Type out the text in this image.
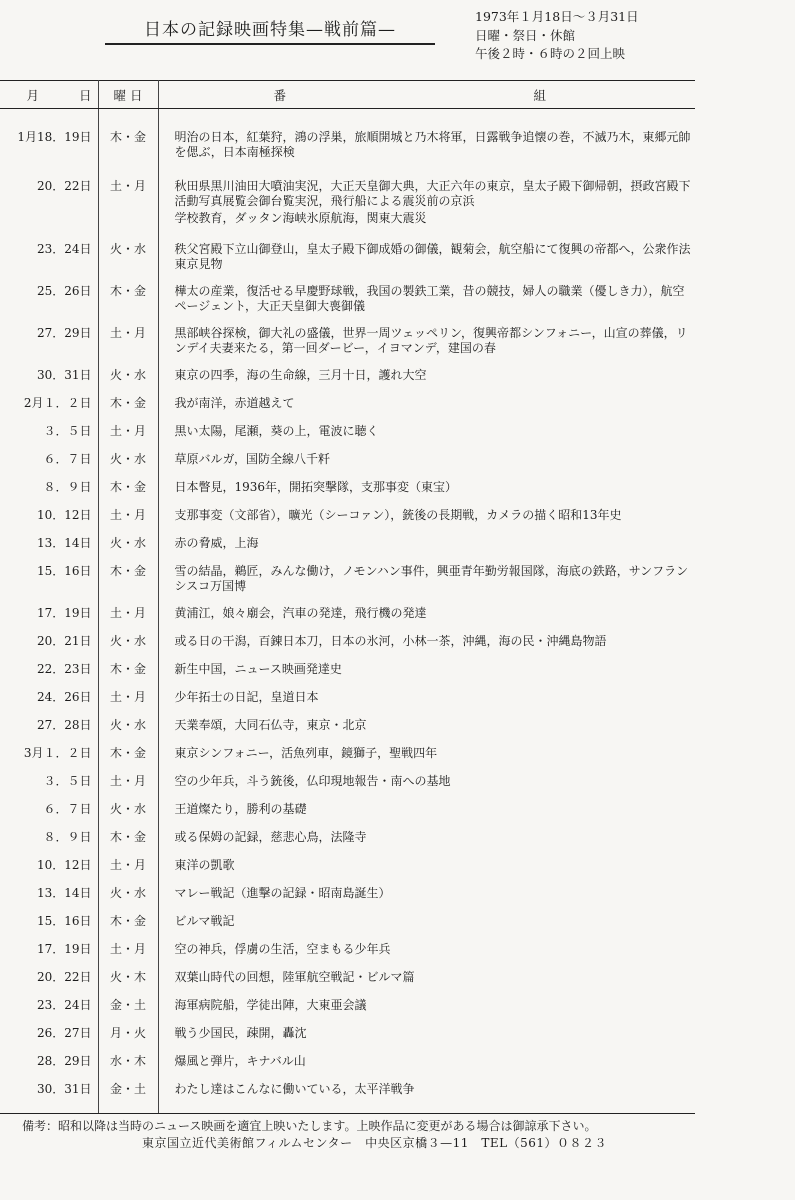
日本の記録映画特集—戦前篇—
1973年１月18日～３月31日
日曜・祭日・休館
午後２時・６時の２回上映
月 日	曜 日	番 組

1月18．19日	木・金	明治の日本，紅葉狩，鴻の浮巣，旅順開城と乃木将軍，日露戦争追懐の巻，不滅乃木，東郷元帥を偲ぶ，日本南極探検
20．22日	土・月	秋田県黒川油田大噴油実況，大正天皇御大典，大正六年の東京，皇太子殿下御帰朝，摂政宮殿下活動写真展覧会御台覧実況，飛行船による震災前の京浜
学校教育，ダッタン海峡氷原航海，関東大震災

23．24日	火・水	秩父宮殿下立山御登山，皇太子殿下御成婚の御儀，観菊会，航空船にて復興の帝都へ，公衆作法東京見物
25．26日	木・金	樺太の産業，復活せる早慶野球戦，我国の製鉄工業，昔の競技，婦人の職業（優しき力），航空ページェント，大正天皇御大喪御儀
27．29日	土・月	黒部峡谷探検，御大礼の盛儀，世界一周ツェッペリン，復興帝都シンフォニー，山宣の葬儀，リンデイ夫妻来たる，第一回ダービー，イヨマンデ，建国の春
30．31日	火・水	東京の四季，海の生命線，三月十日，護れ大空
2月１．２日	木・金	我が南洋，赤道越えて
３．５日	土・月	黒い太陽，尾瀬，葵の上，電波に聴く
６．７日	火・水	草原バルガ，国防全線八千粁
８．９日	木・金	日本瞥見，1936年，開拓突撃隊，支那事変（東宝）
10．12日	土・月	支那事変（文部省），曠光（シーコァン），銃後の長期戦，カメラの描く昭和13年史
13．14日	火・水	赤の脅威，上海
15．16日	木・金	雪の結晶，鵜匠，みんな働け，ノモンハン事件，興亜青年勤労報国隊，海底の鉄路，サンフランシスコ万国博
17．19日	土・月	黄浦江，娘々廟会，汽車の発達，飛行機の発達
20．21日	火・水	或る日の干潟，百錬日本刀，日本の氷河，小林一茶，沖縄，海の民・沖縄島物語
22．23日	木・金	新生中国，ニュース映画発達史
24．26日	土・月	少年拓士の日記，皇道日本
27．28日	火・水	天業奉頌，大同石仏寺，東京・北京
3月１．２日	木・金	東京シンフォニー，活魚列車，鏡獅子，聖戦四年
３．５日	土・月	空の少年兵，斗う銃後，仏印現地報告・南への基地
６．７日	火・水	王道燦たり，勝利の基礎
８．９日	木・金	或る保姆の記録，慈悲心鳥，法隆寺
10．12日	土・月	東洋の凱歌
13．14日	火・水	マレー戦記（進撃の記録・昭南島誕生）
15．16日	木・金	ビルマ戦記
17．19日	土・月	空の神兵，俘虜の生活，空まもる少年兵
20．22日	火・木	双葉山時代の回想，陸軍航空戦記・ビルマ篇
23．24日	金・土	海軍病院船，学徒出陣，大東亜会議
26．27日	月・火	戦う少国民，疎開，轟沈
28．29日	水・木	爆風と弾片，キナバル山
30．31日	金・土	わたし達はこんなに働いている，太平洋戦争

備考：昭和以降は当時のニュース映画を適宜上映いたします。上映作品に変更がある場合は御諒承下さい。
東京国立近代美術館フィルムセンター　中央区京橋３—11　TEL（561）０８２３
